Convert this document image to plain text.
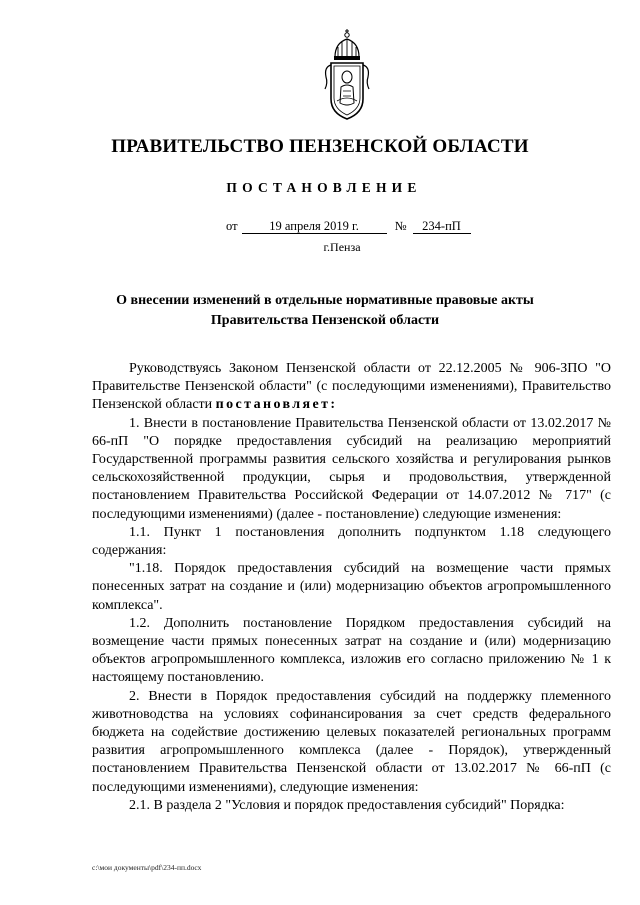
ПРАВИТЕЛЬСТВО ПЕНЗЕНСКОЙ ОБЛАСТИ
ПОСТАНОВЛЕНИЕ
от	19 апреля 2019 г.	№ 234-пП
г.Пенза
О внесении изменений в отдельные нормативные правовые акты
Правительства Пензенской области

Руководствуясь Законом Пензенской области от 22.12.2005 № 906-ЗПО "О Правительстве Пензенской области" (с последующими изменениями), Правительство Пензенской области постановляет:

1. Внести в постановление Правительства Пензенской области от 13.02.2017 № 66-пП "О порядке предоставления субсидий на реализацию мероприятий Государственной программы развития сельского хозяйства и регулирования рынков сельскохозяйственной продукции, сырья и продовольствия, утвержденной постановлением Правительства Российской Федерации от 14.07.2012 № 717" (с последующими изменениями) (далее - постановление) следующие изменения:

1.1. Пункт 1 постановления дополнить подпунктом 1.18 следующего содержания:

"1.18. Порядок предоставления субсидий на возмещение части прямых понесенных затрат на создание и (или) модернизацию объектов агропромышленного комплекса".

1.2. Дополнить постановление Порядком предоставления субсидий на возмещение части прямых понесенных затрат на создание и (или) модернизацию объектов агропромышленного комплекса, изложив его согласно приложению № 1 к настоящему постановлению.

2. Внести в Порядок предоставления субсидий на поддержку племенного животноводства на условиях софинансирования за счет средств федерального бюджета на содействие достижению целевых показателей региональных программ развития агропромышленного комплекса (далее - Порядок), утвержденный постановлением Правительства Пензенской области от 13.02.2017 № 66-пП (с последующими изменениями), следующие изменения:

2.1. В раздела 2 "Условия и порядок предоставления субсидий" Порядка:

c:\мои документы\pdf\234-пп.docx
